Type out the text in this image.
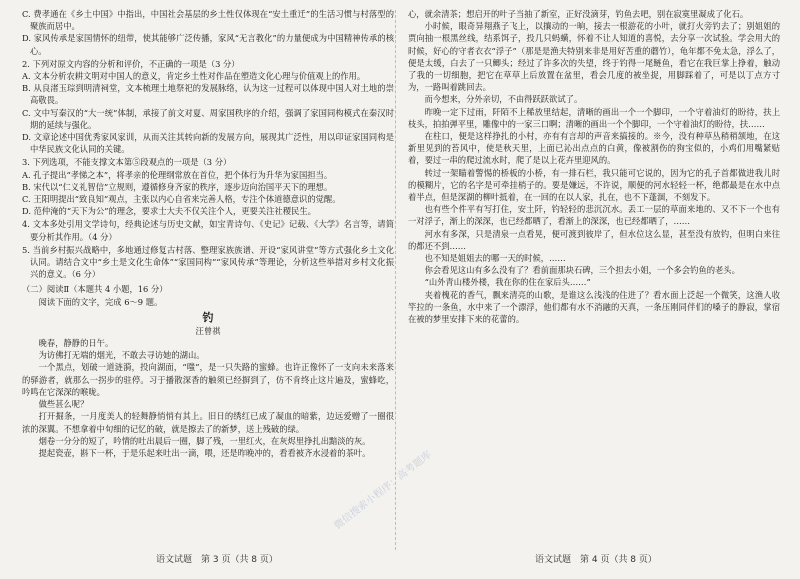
C. 费孝通在《乡土中国》中指出，中国社会基层的乡土性仅体现在“安土重迁”的生活习惯与村落型的聚族而居中。

D. 家风传承是家国情怀的纽带，使其能够广泛传播，家风“无言教化”的力量便成为中国精神传承的核心。

2. 下列对原文内容的分析和评价，不正确的一项是（3 分）

A. 文本分析农耕文明对中国人的意义，肯定乡土性对作品在塑造文化心理与价值观上的作用。

B. 从良渚玉琮到明清祠堂，文本梳理土地祭祀的发展脉络，认为这一过程可以体现中国人对土地的崇高敬畏。

C. 文中写秦汉的“大一统”体制，承接了前文对夏、周家国秩序的介绍，强调了家国同构模式在秦汉时期的延续与强化。

D. 文章论述中国优秀家风家训，从而关注其转向新的发展方向，展现其广泛性，用以印证家国同构是中华民族文化认同的关键。

3. 下列选项，不能支撑文本第⑤段观点的一项是（3 分）

A. 孔子提出“孝悌之本”，将孝亲的伦理纲常放在首位，把个体行为升华为家国担当。

B. 宋代以“仁义礼智信”立规则，遵循修身齐家的秩序，逐步迈向治国平天下的理想。

C. 王阳明提出“致良知”观点，主张以内心自省来完善人格，专注个体道德意识的觉醒。

D. 范仲淹的“天下为公”的理念，要求士大夫不仅关注个人，更要关注社稷民生。

4. 文本多处引用文学诗句，经典论述与历史文献，如宝青诗句、《史记》记载、《大学》名言等，请简要分析其作用。（4 分）

5. 当前乡村振兴战略中，多地通过修复古村落、整理家族族谱、开设“家风讲堂”等方式强化乡土文化认同。请结合文中“乡土是文化生命体”“家国同构”“家风传承”等理论，分析这些举措对乡村文化振兴的意义。（6 分）

（二）阅读Ⅱ（本题共 4 小题，16 分）

阅读下面的文字，完成 6～9 题。

钓

汪曾祺

晚春，静静的日午。

为访佛打无端的烟光，不敢去寻访她的湖山。

一个黑点，划破一道涟漪，投向湖面，“嗤”，是一只失路的蜜蜂。也许正像怀了一支向未来落来的驿游者，就那么一拐步的驻停。习于播散深香的触须已经摒到了，仿不肯终止这片遍及，蜜蜂吃，吟鸣在它深深的喉咙。

做些甚么呢？

打开掘条，一月度美人的轻舞静悄悄有其上。旧日的绣红已成了凝血的暗紫，边远爱赠了一圈很浓的深翼。不想拿着中旬细的记忆的破，就是擦去了的新梦，送上残破的绿。

烟卷一分分的短了，吟情的吐出晨后一圈，脚了残，一里红火，在灰烬里挣扎出黯淡的灰。

提起瓷壶，斟下一杯，于是乐起来吐出一滴，喂，还是昨晚冲的，看看被齐水浸着的茶叶。

心，就余清茶；想启开的叶子当抽了新室，正好没滴芽，钓鱼去吧，别在寂寞里凝成了化石。

小时候，眼奇异翔燕子飞上，以攘动的一晌，接去一根游花的小叶，就打火旁钓去了；别姐姐的贾向抽一根黑丝线，结系饵子，投几只蚂蟥，怀着不让人知道的喜悦，去分享一次试验。学会用大的时候，好心的守者衣衣“浮子”（那是是渔夫特别来非是用好苦重的蘑竹），龟年都不免太急，浮么了，便是太缓，白去了一只鲫头；经过了许多次的失望，终于钓得一尾鲢鱼，看它在我巨掌上挣着，触动了我的一切细胞，把它在草草上后放置在盆里，看会几度的被坐捉，用脚踩着了，可是以丁点方寸为，一路叫着跳回去。

而今想来，分外亲切，不由得跃跃欲试了。

昨晚一定下过雨，阡陌不上稀放里结起，清晰的画出一个一个脚印，一个守着油灯的盼待，扶上枝头，拍拍弹平里，雕像中的一家三口啊；清晰的画出一个个脚印，一个守着油灯的盼待，扶……

在柱口，便是这样挣扎的小村，亦有有言却的声音来搞接的。※今，没有种草丛稍稍颔地，在这新里见到的苔风中，使是秋天里，上面已沁出点点的白黄，像被割伤的狗宝似的，小鸡们用嘴紧贴着，要过一串的爬过流水时，爬了是以上花卉里迎风的。

转过一架瞄着警惕的桥板的小桥，有一排石栏，我只能可它说的，因为它的孔子首都做进我儿时的模糊片，它的名字是可牵挂梢子的。要是嫌远，不许说，顺便的河水轻轻一杯，绝都最是在水中点着半点，但是深湖的柳叶抵着，在一回的在以人家，扎在，也不下蓬涸，不刻发下。

也有些个件平有写打住，安土阡，钓轻轻的悲沉沉水。丢工一层的草面来地的、又不下一个也有一对浮子，渐上的深深，也已经都晒了，看渐上的深深，也已经都晒了，……

河水有多深，只是清泉一点看晃，便可渡到彼岸了，但水位这么显，甚至没有放钓，但明白来往的都还不到……

也不知是姐姐去的哪一天的时候，……

你会看见这山有多么没有了？看前面那块石碑，三个担去小姐，一个多会钓鱼的老头。

“山外青山楼外楼，我在你的住在家后头……”

夹着槐花的香气，飘来清亮的山歌，是谁这么浅浅的住进了？看水面上泛起一个微笑，这渔人收竿拉的一条鱼，水中来了一个漂浮，他们都有水不消融的天真，一条压刚同伴们的嗓子的静寂，掌宿在被的梦里安排下来的花蕾的。

语文试题　第 3 页（共 8 页）	语文试题　第 4 页（共 8 页）
微信搜索小程序：高考题库
